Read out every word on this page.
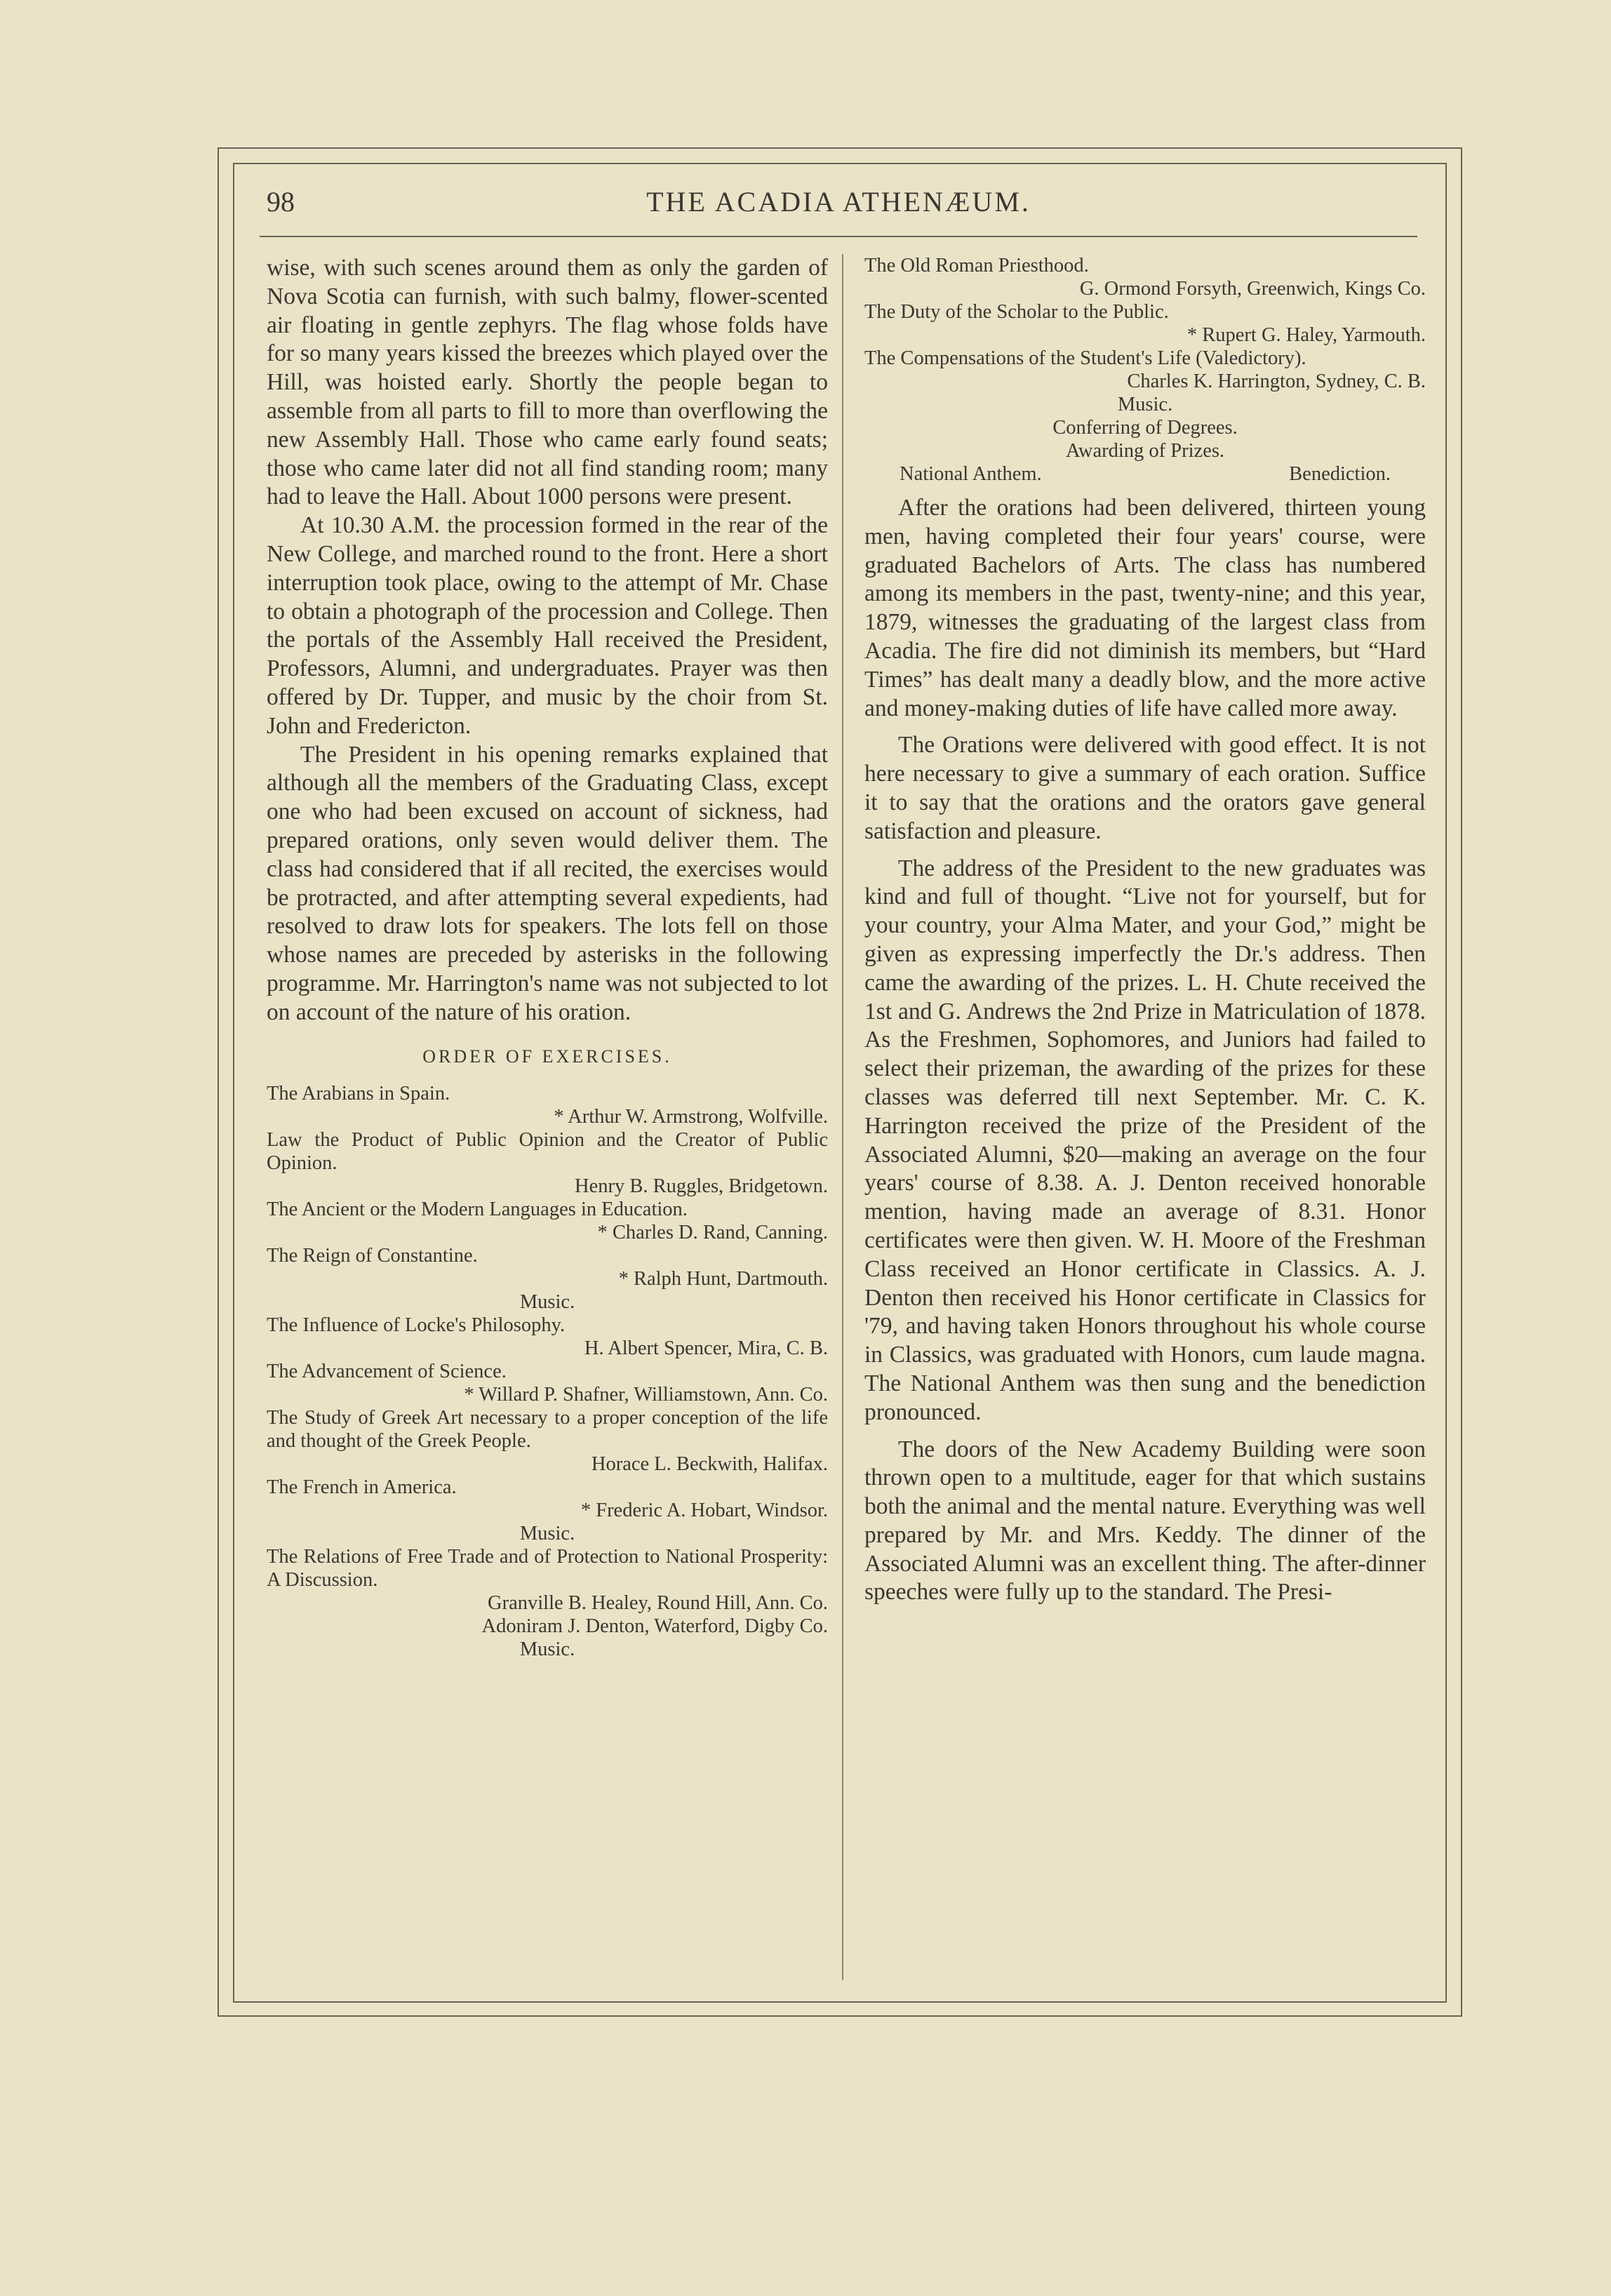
98	THE ACADIA ATHENÆUM.

wise, with such scenes around them as only the garden of Nova Scotia can furnish, with such balmy, flower-scented air floating in gentle zephyrs. The flag whose folds have for so many years kissed the breezes which played over the Hill, was hoisted early. Shortly the people began to assemble from all parts to fill to more than overflowing the new Assembly Hall. Those who came early found seats; those who came later did not all find standing room; many had to leave the Hall. About 1000 persons were present.

At 10.30 A.M. the procession formed in the rear of the New College, and marched round to the front. Here a short interruption took place, owing to the attempt of Mr. Chase to obtain a photograph of the procession and College. Then the portals of the Assembly Hall received the President, Professors, Alumni, and undergraduates. Prayer was then offered by Dr. Tupper, and music by the choir from St. John and Fredericton.

The President in his opening remarks explained that although all the members of the Graduating Class, except one who had been excused on account of sickness, had prepared orations, only seven would deliver them. The class had considered that if all recited, the exercises would be protracted, and after attempting several expedients, had resolved to draw lots for speakers. The lots fell on those whose names are preceded by asterisks in the following programme. Mr. Harrington's name was not subjected to lot on account of the nature of his oration.

ORDER OF EXERCISES.
The Arabians in Spain.
* Arthur W. Armstrong, Wolfville.
Law the Product of Public Opinion and the Creator of Public Opinion.
Henry B. Ruggles, Bridgetown.
The Ancient or the Modern Languages in Education.
* Charles D. Rand, Canning.
The Reign of Constantine.
* Ralph Hunt, Dartmouth.
Music.
The Influence of Locke's Philosophy.
H. Albert Spencer, Mira, C. B.
The Advancement of Science.
* Willard P. Shafner, Williamstown, Ann. Co.
The Study of Greek Art necessary to a proper conception of the life and thought of the Greek People.
Horace L. Beckwith, Halifax.
The French in America.
* Frederic A. Hobart, Windsor.
Music.
The Relations of Free Trade and of Protection to National Prosperity: A Discussion.
Granville B. Healey, Round Hill, Ann. Co.
Adoniram J. Denton, Waterford, Digby Co.
Music.
The Old Roman Priesthood.
G. Ormond Forsyth, Greenwich, Kings Co.
The Duty of the Scholar to the Public.
* Rupert G. Haley, Yarmouth.
The Compensations of the Student's Life (Valedictory).
Charles K. Harrington, Sydney, C. B.
Music.
Conferring of Degrees.
Awarding of Prizes.
National Anthem.	Benediction.

After the orations had been delivered, thirteen young men, having completed their four years' course, were graduated Bachelors of Arts. The class has numbered among its members in the past, twenty-nine; and this year, 1879, witnesses the graduating of the largest class from Acadia. The fire did not diminish its members, but “Hard Times” has dealt many a deadly blow, and the more active and money-making duties of life have called more away.

The Orations were delivered with good effect. It is not here necessary to give a summary of each oration. Suffice it to say that the orations and the orators gave general satisfaction and pleasure.

The address of the President to the new graduates was kind and full of thought. “Live not for yourself, but for your country, your Alma Mater, and your God,” might be given as expressing imperfectly the Dr.'s address. Then came the awarding of the prizes. L. H. Chute received the 1st and G. Andrews the 2nd Prize in Matriculation of 1878. As the Freshmen, Sophomores, and Juniors had failed to select their prizeman, the awarding of the prizes for these classes was deferred till next September. Mr. C. K. Harrington received the prize of the President of the Associated Alumni, $20—making an average on the four years' course of 8.38. A. J. Denton received honorable mention, having made an average of 8.31. Honor certificates were then given. W. H. Moore of the Freshman Class received an Honor certificate in Classics. A. J. Denton then received his Honor certificate in Classics for '79, and having taken Honors throughout his whole course in Classics, was graduated with Honors, cum laude magna. The National Anthem was then sung and the benediction pronounced.

The doors of the New Academy Building were soon thrown open to a multitude, eager for that which sustains both the animal and the mental nature. Everything was well prepared by Mr. and Mrs. Keddy. The dinner of the Associated Alumni was an excellent thing. The after-dinner speeches were fully up to the standard. The Presi-
